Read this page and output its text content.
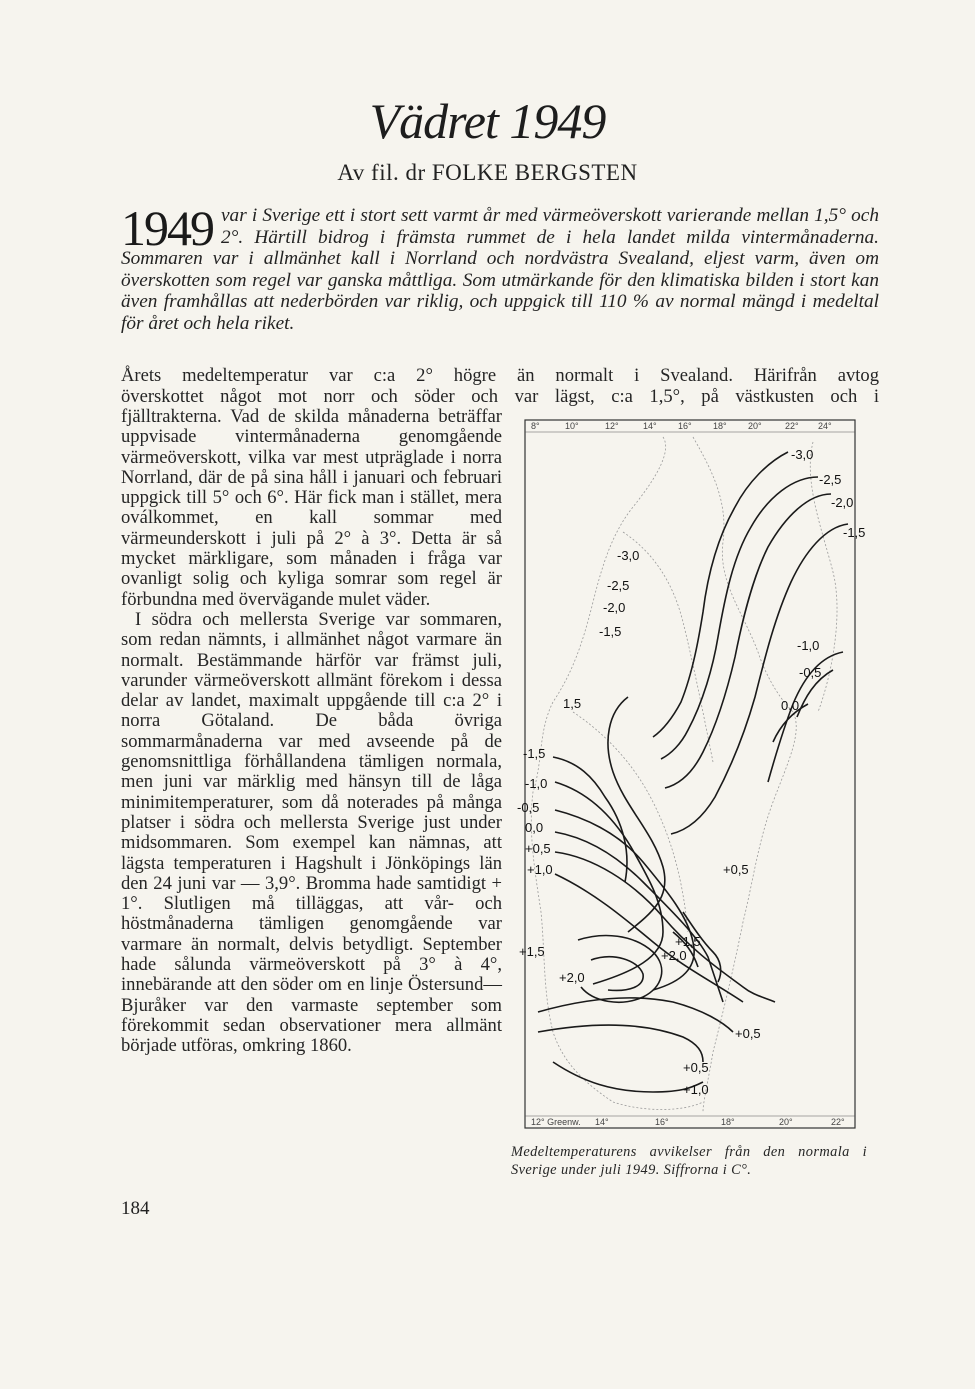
Vädret 1949
Av fil. dr FOLKE BERGSTEN
1949 var i Sverige ett i stort sett varmt år med värmeöverskott varierande mellan 1,5° och 2°. Härtill bidrog i främsta rummet de i hela landet milda vintermånaderna. Sommaren var i allmänhet kall i Norrland och nordvästra Svealand, eljest varm, även om överskotten som regel var ganska måttliga. Som utmärkande för den klimatiska bilden i stort kan även framhållas att nederbörden var riklig, och uppgick till 110 % av normal mängd i medeltal för året och hela riket.
Årets medeltemperatur var c:a 2° högre än normalt i Svealand. Härifrån avtog
överskottet något mot norr och söder och var lägst, c:a 1,5°, på västkusten och i

fjälltrakterna. Vad de skilda månaderna beträffar uppvisade vintermånaderna genomgående värmeöverskott, vilka var mest utpräglade i norra Norrland, där de på sina håll i januari och februari uppgick till 5° och 6°. Här fick man i stället, mera oválkommet, en kall sommar med värmeunderskott i juli på 2° à 3°. Detta är så mycket märkligare, som månaden i fråga var ovanligt solig och kyliga somrar som regel är förbundna med övervägande mulet väder.

I södra och mellersta Sverige var sommaren, som redan nämnts, i allmänhet något varmare än normalt. Bestämmande härför var främst juli, varunder värmeöverskott allmänt förekom i dessa delar av landet, maximalt uppgående till c:a 2° i norra Götaland. De båda övriga sommarmånaderna var med avseende på de genomsnittliga förhållandena tämligen normala, men juni var märklig med hänsyn till de låga minimitemperaturer, som då noterades på många platser i södra och mellersta Sverige just under midsommaren. Som exempel kan nämnas, att lägsta temperaturen i Hagshult i Jönköpings län den 24 juni var — 3,9°. Bromma hade samtidigt + 1°. Slutligen må tilläggas, att vår- och höstmånaderna tämligen genomgående var varmare än normalt, delvis betydligt. September hade sålunda värmeöverskott på 3° à 4°, innebärande att den söder om en linje Östersund—Bjuråker var den varmaste september som förekommit sedan observationer mera allmänt började utföras, omkring 1860.

8°	10°	12°	14° 16° 18° 20°	22° 24°
12° Greenw. 14°	16°	18°	20°	22°
-3,0
-2,5
-2,0
-1,5
-3,0
-2,5
-2,0
-1,5
-1,0
-0,5
0,0
1,5
-1,5
-1,0
-0,5
0,0
+0,5
+1,0	+0,5
+1,5
+2,0
+1,5
+2,0
+0,5
+0,5
+1,0
Medeltemperaturens avvikelser från den normala i Sverige under juli 1949. Siffrorna i C°.
184
